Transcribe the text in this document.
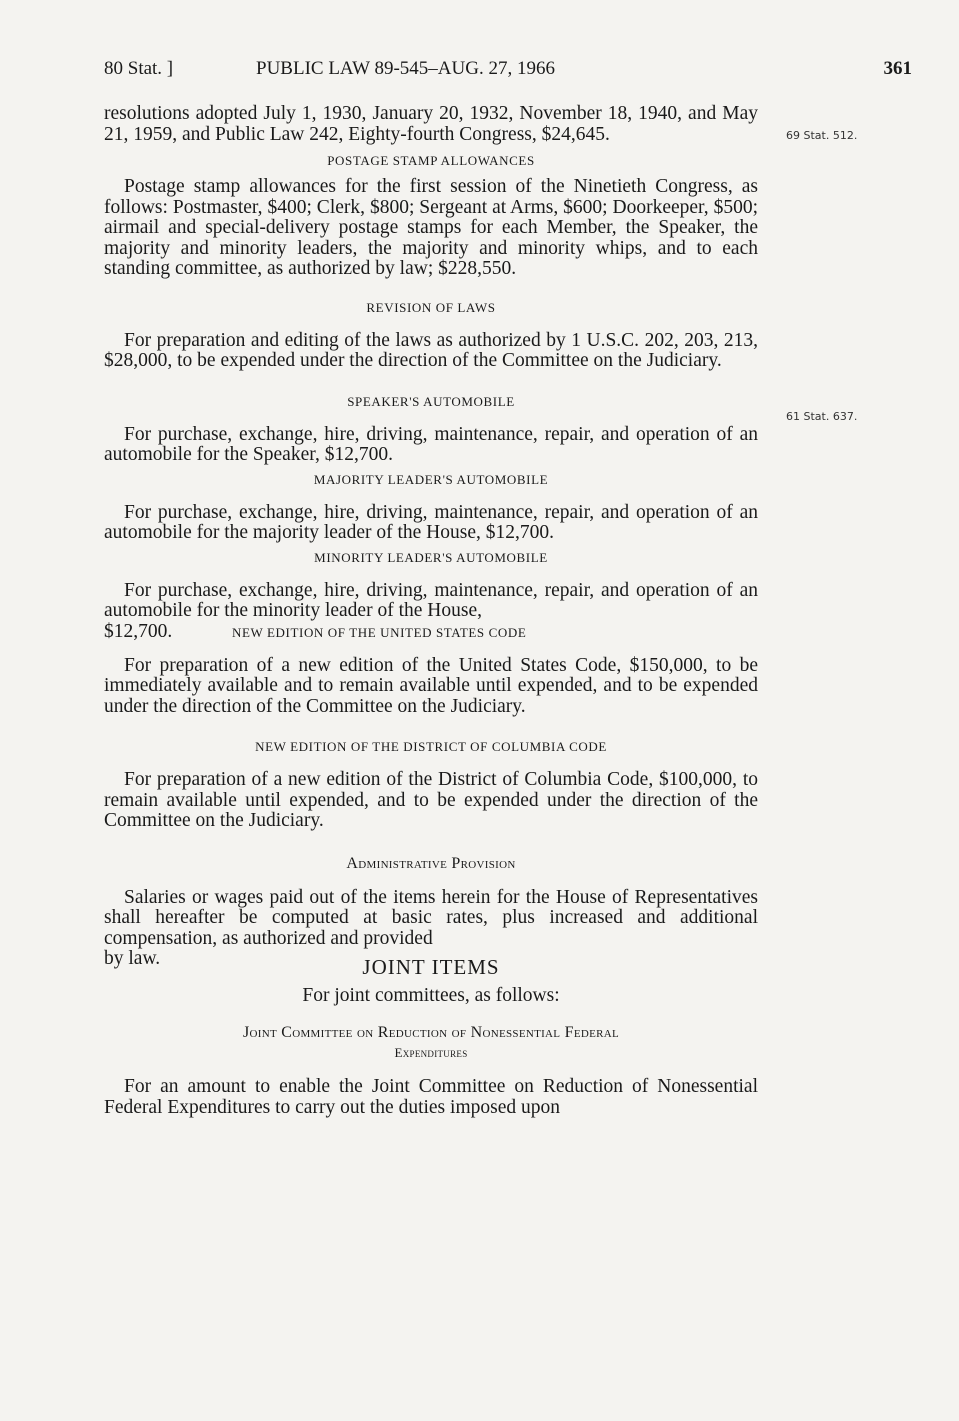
80 Stat. ]	PUBLIC LAW 89-545–AUG. 27, 1966	361
69 Stat. 512.
61 Stat. 637.

resolutions adopted July 1, 1930, January 20, 1932, November 18, 1940, and May 21, 1959, and Public Law 242, Eighty-fourth Congress, $24,645.

POSTAGE STAMP ALLOWANCES

Postage stamp allowances for the first session of the Ninetieth Congress, as follows: Postmaster, $400; Clerk, $800; Sergeant at Arms, $600; Doorkeeper, $500; airmail and special-delivery postage stamps for each Member, the Speaker, the majority and minority leaders, the majority and minority whips, and to each standing committee, as authorized by law; $228,550.

REVISION OF LAWS

For preparation and editing of the laws as authorized by 1 U.S.C. 202, 203, 213, $28,000, to be expended under the direction of the Committee on the Judiciary.

SPEAKER'S AUTOMOBILE

For purchase, exchange, hire, driving, maintenance, repair, and operation of an automobile for the Speaker, $12,700.

MAJORITY LEADER'S AUTOMOBILE

For purchase, exchange, hire, driving, maintenance, repair, and operation of an automobile for the majority leader of the House, $12,700.

MINORITY LEADER'S AUTOMOBILE

For purchase, exchange, hire, driving, maintenance, repair, and operation of an automobile for the minority leader of the House,

$12,700.	NEW EDITION OF THE UNITED STATES CODE

For preparation of a new edition of the United States Code, $150,000, to be immediately available and to remain available until expended, and to be expended under the direction of the Committee on the Judiciary.

NEW EDITION OF THE DISTRICT OF COLUMBIA CODE

For preparation of a new edition of the District of Columbia Code, $100,000, to remain available until expended, and to be expended under the direction of the Committee on the Judiciary.

Administrative Provision

Salaries or wages paid out of the items herein for the House of Representatives shall hereafter be computed at basic rates, plus increased and additional compensation, as authorized and provided

by law.	JOINT ITEMS

For joint committees, as follows:

Joint Committee on Reduction of Nonessential Federal

Expenditures

For an amount to enable the Joint Committee on Reduction of Nonessential Federal Expenditures to carry out the duties imposed upon
